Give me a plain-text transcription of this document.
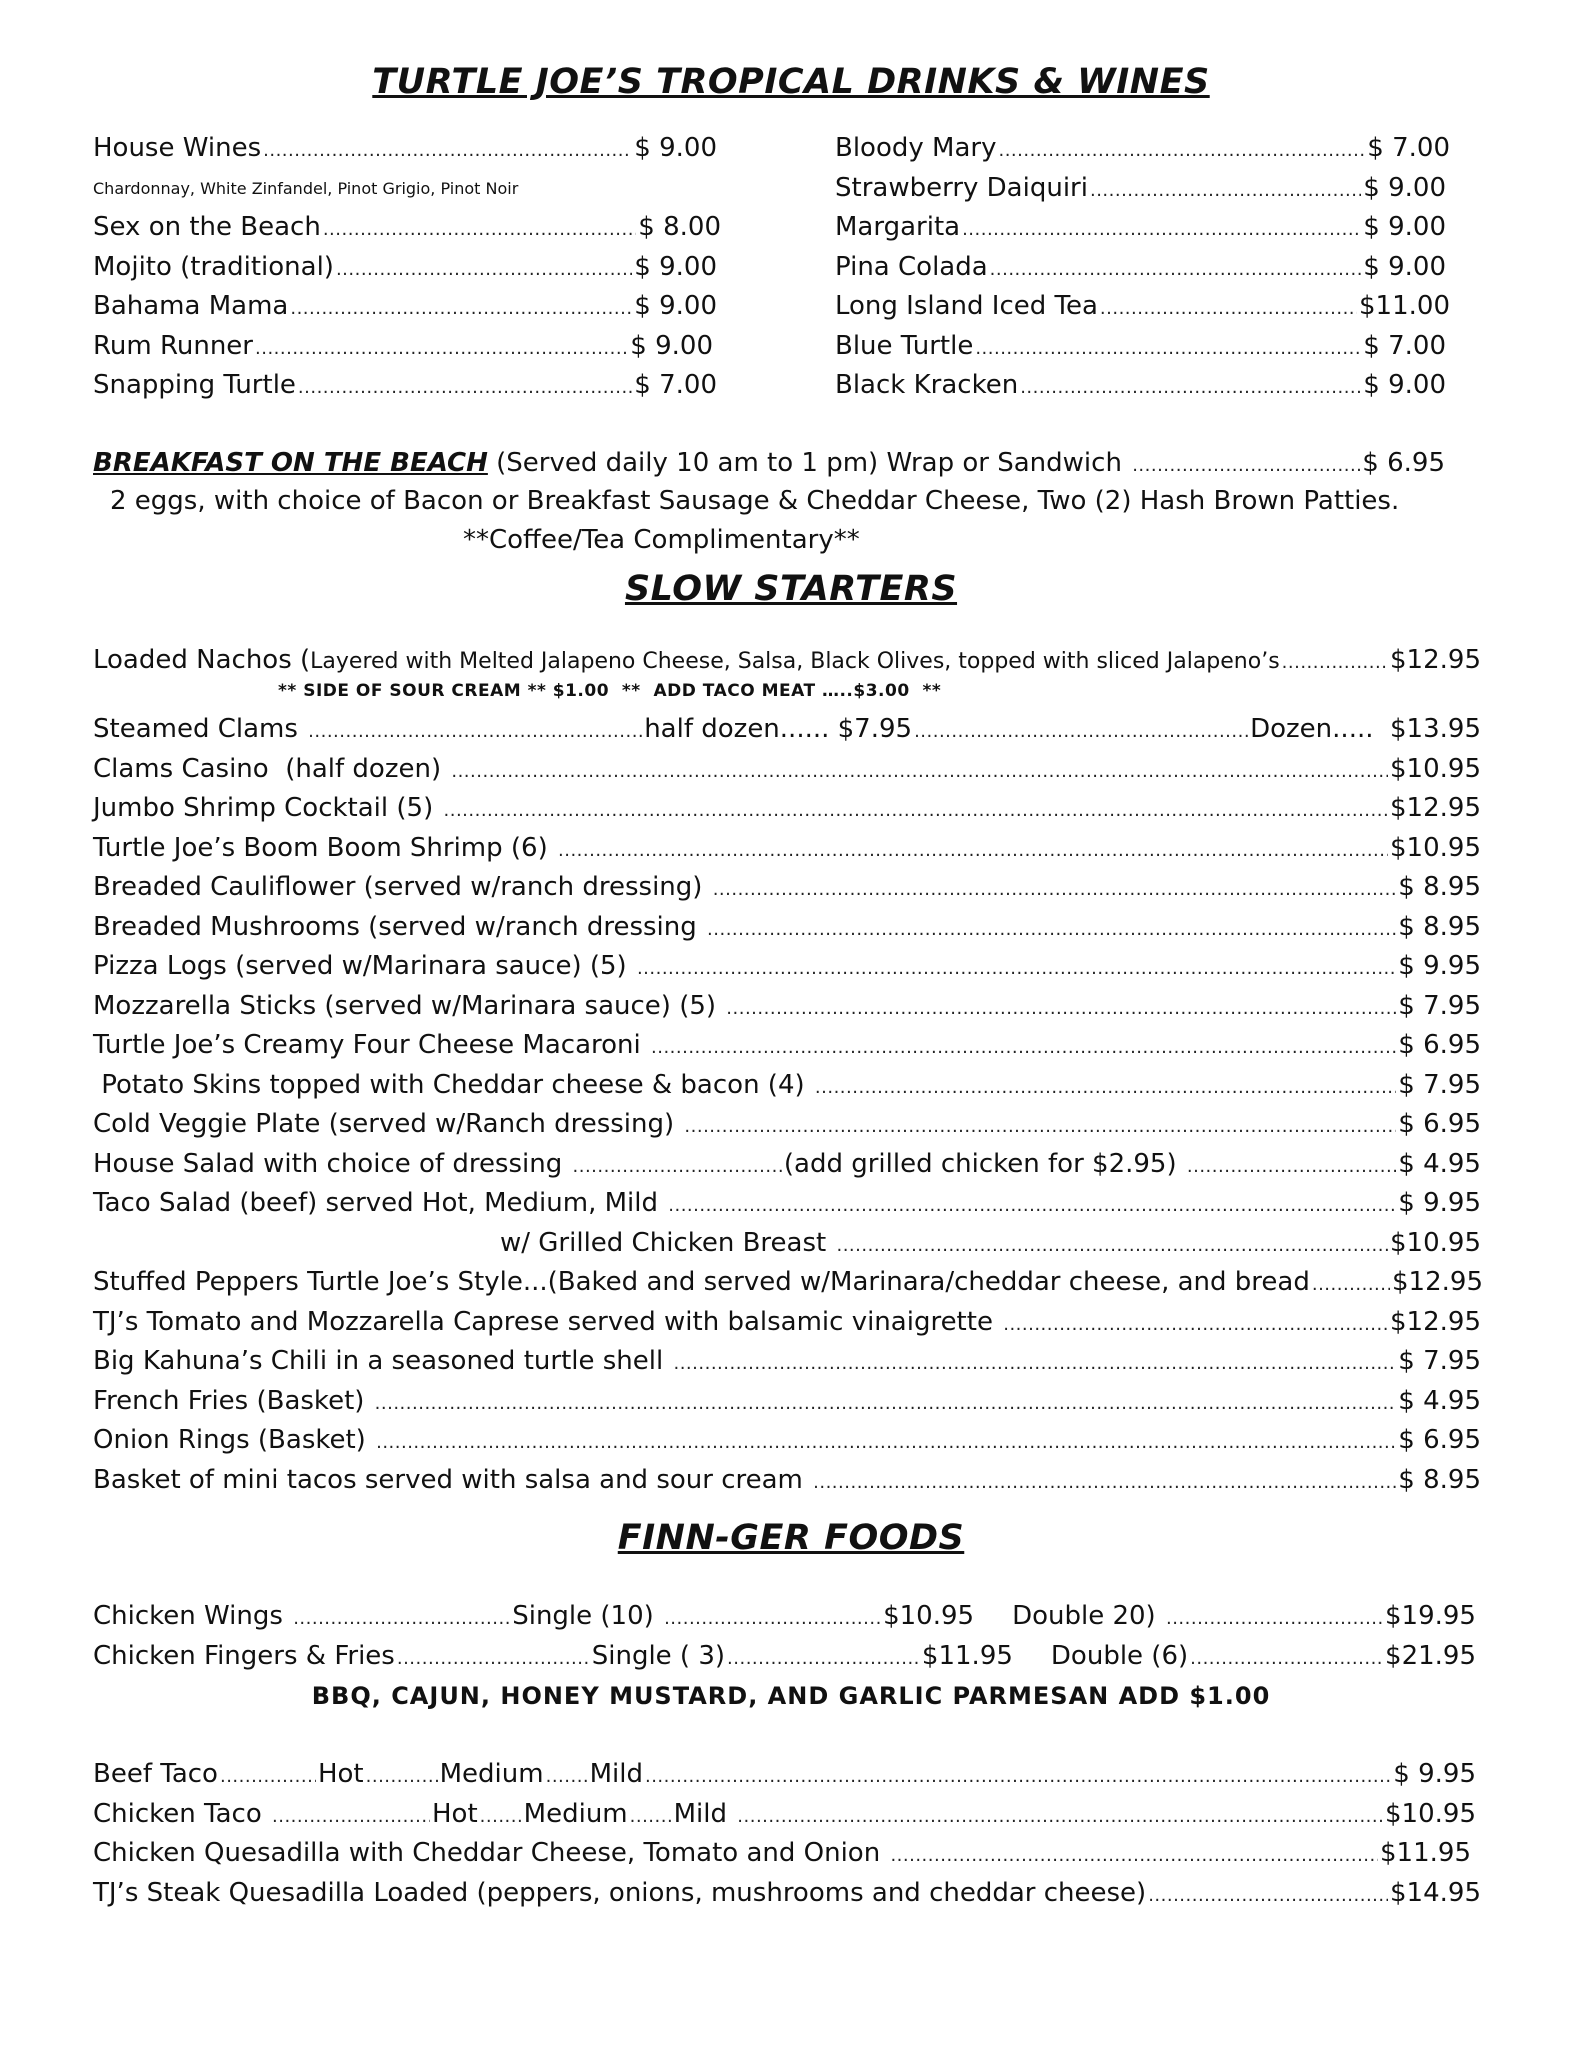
TURTLE JOE’S TROPICAL DRINKS & WINES
House Wines .....	$ 9.00
Chardonnay, White Zinfandel, Pinot Grigio, Pinot Noir
Sex on the Beach .....	$ 8.00
Mojito (traditional) .....	$ 9.00
Bahama Mama .....	$ 9.00
Rum Runner .....	$ 9.00
Snapping Turtle .....	$ 7.00
Bloody Mary .....	$ 7.00
Strawberry Daiquiri .....	$ 9.00
Margarita .....	$ 9.00
Pina Colada .....	$ 9.00
Long Island Iced Tea .....	$11.00
Blue Turtle .....	$ 7.00
Black Kracken .....	$ 9.00
BREAKFAST ON THE BEACH (Served daily 10 am to 1 pm) Wrap or Sandwich .....	$ 6.95
2 eggs, with choice of Bacon or Breakfast Sausage & Cheddar Cheese, Two (2) Hash Brown Patties.
**Coffee/Tea Complimentary**
SLOW STARTERS
Loaded Nachos ( Layered with Melted Jalapeno Cheese, Salsa, Black Olives, topped with sliced Jalapeno’s .....	$12.95
** SIDE OF SOUR CREAM ** $1.00  **  ADD TACO MEAT …..$3.00  **
Steamed Clams .....	half dozen...... $7.95 .....	Dozen.....  $13.95
Clams Casino  (half dozen) .....	$10.95
Jumbo Shrimp Cocktail (5) .....	$12.95
Turtle Joe’s Boom Boom Shrimp (6) .....	$10.95
Breaded Cauliflower (served w/ranch dressing) .....	$ 8.95
Breaded Mushrooms (served w/ranch dressing .....	$ 8.95
Pizza Logs (served w/Marinara sauce) (5) .....	$ 9.95
Mozzarella Sticks (served w/Marinara sauce) (5) .....	$ 7.95
Turtle Joe’s Creamy Four Cheese Macaroni .....	$ 6.95
Potato Skins topped with Cheddar cheese & bacon (4) .....	$ 7.95
Cold Veggie Plate (served w/Ranch dressing) .....	$ 6.95
House Salad with choice of dressing .....	(add grilled chicken for $2.95) .....	$ 4.95
Taco Salad (beef) served Hot, Medium, Mild .....	$ 9.95
w/ Grilled Chicken Breast .....	$10.95
Stuffed Peppers Turtle Joe’s Style...(Baked and served w/Marinara/cheddar cheese, and bread .....	$12.95
TJ’s Tomato and Mozzarella Caprese served with balsamic vinaigrette .....	$12.95
Big Kahuna’s Chili in a seasoned turtle shell .....	$ 7.95
French Fries (Basket) .....	$ 4.95
Onion Rings (Basket) .....	$ 6.95
Basket of mini tacos served with salsa and sour cream .....	$ 8.95
FINN-GER FOODS
Chicken Wings .....	Single (10) .....	$10.95 Double 20) .....	$19.95
Chicken Fingers & Fries .....	Single ( 3) .....	$11.95 Double (6) .....	$21.95
BBQ, CAJUN, HONEY MUSTARD, AND GARLIC PARMESAN ADD $1.00
Beef Taco .....	Hot .....	Medium ..... Mild .....	$ 9.95
Chicken Taco .....	Hot ..... Medium ..... Mild .....	$10.95
Chicken Quesadilla with Cheddar Cheese, Tomato and Onion .....	$11.95
TJ’s Steak Quesadilla Loaded (peppers, onions, mushrooms and cheddar cheese) .....	$14.95
